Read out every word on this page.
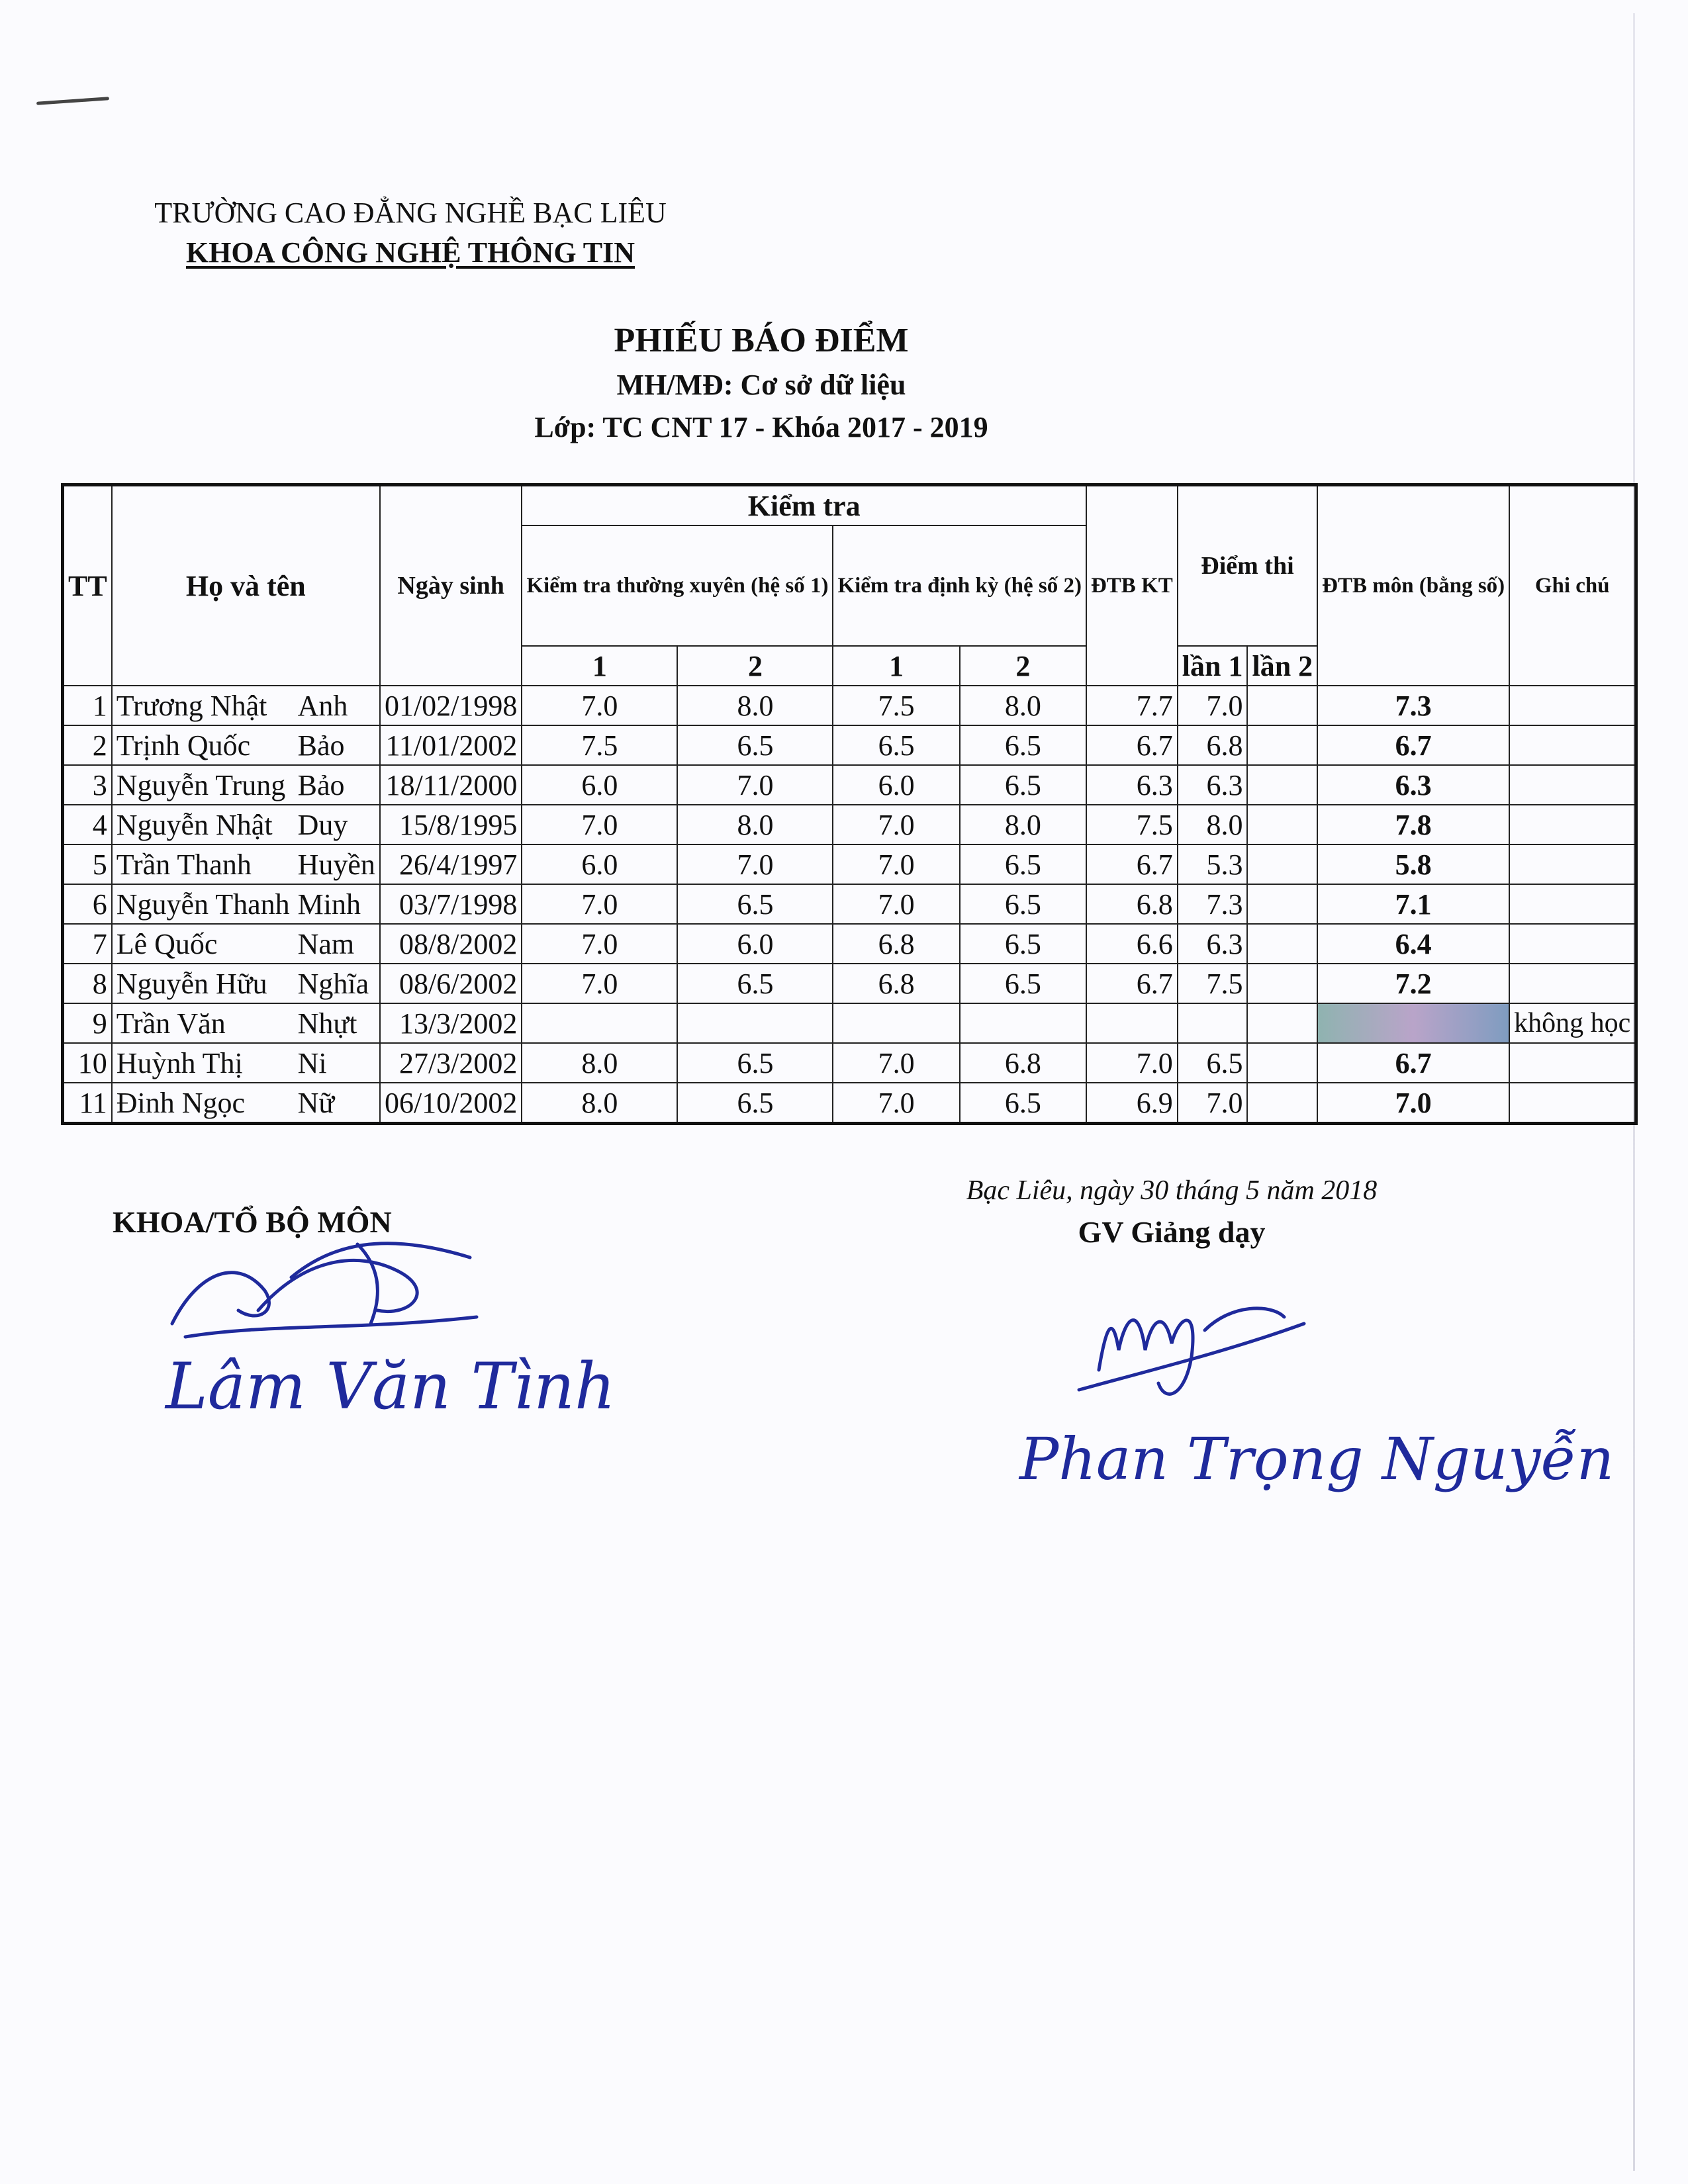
TRƯỜNG CAO ĐẲNG NGHỀ BẠC LIÊU
KHOA CÔNG NGHỆ THÔNG TIN
PHIẾU BÁO ĐIỂM
MH/MĐ: Cơ sở dữ liệu
Lớp: TC CNT 17 - Khóa 2017 - 2019
TT	Họ và tên		Ngày sinh	Kiểm tra				ĐTB KT	Điểm thi		ĐTB môn (bằng số)	Ghi chú
				Kiểm tra thường xuyên (hệ số 1)		Kiểm tra định kỳ (hệ số 2)						
				1	2	1	2		lần 1	lần 2		
1	Trương Nhật	Anh	01/02/1998	7.0	8.0	7.5	8.0	7.7	7.0		7.3	
2	Trịnh Quốc	Bảo	11/01/2002	7.5	6.5	6.5	6.5	6.7	6.8		6.7	
3	Nguyễn Trung	Bảo	18/11/2000	6.0	7.0	6.0	6.5	6.3	6.3		6.3	
4	Nguyễn Nhật	Duy	15/8/1995	7.0	8.0	7.0	8.0	7.5	8.0		7.8	
5	Trần Thanh	Huyền	26/4/1997	6.0	7.0	7.0	6.5	6.7	5.3		5.8	
6	Nguyễn Thanh	Minh	03/7/1998	7.0	6.5	7.0	6.5	6.8	7.3		7.1	
7	Lê Quốc	Nam	08/8/2002	7.0	6.0	6.8	6.5	6.6	6.3		6.4	
8	Nguyễn Hữu	Nghĩa	08/6/2002	7.0	6.5	6.8	6.5	6.7	7.5		7.2	
9	Trần Văn	Nhựt	13/3/2002									không học
10	Huỳnh Thị	Ni	27/3/2002	8.0	6.5	7.0	6.8	7.0	6.5		6.7	
11	Đinh Ngọc	Nữ	06/10/2002	8.0	6.5	7.0	6.5	6.9	7.0		7.0	
Bạc Liêu, ngày 30 tháng 5 năm 2018
KHOA/TỔ BỘ MÔN	GV Giảng dạy
Lâm Văn Tình
Phan Trọng Nguyễn
